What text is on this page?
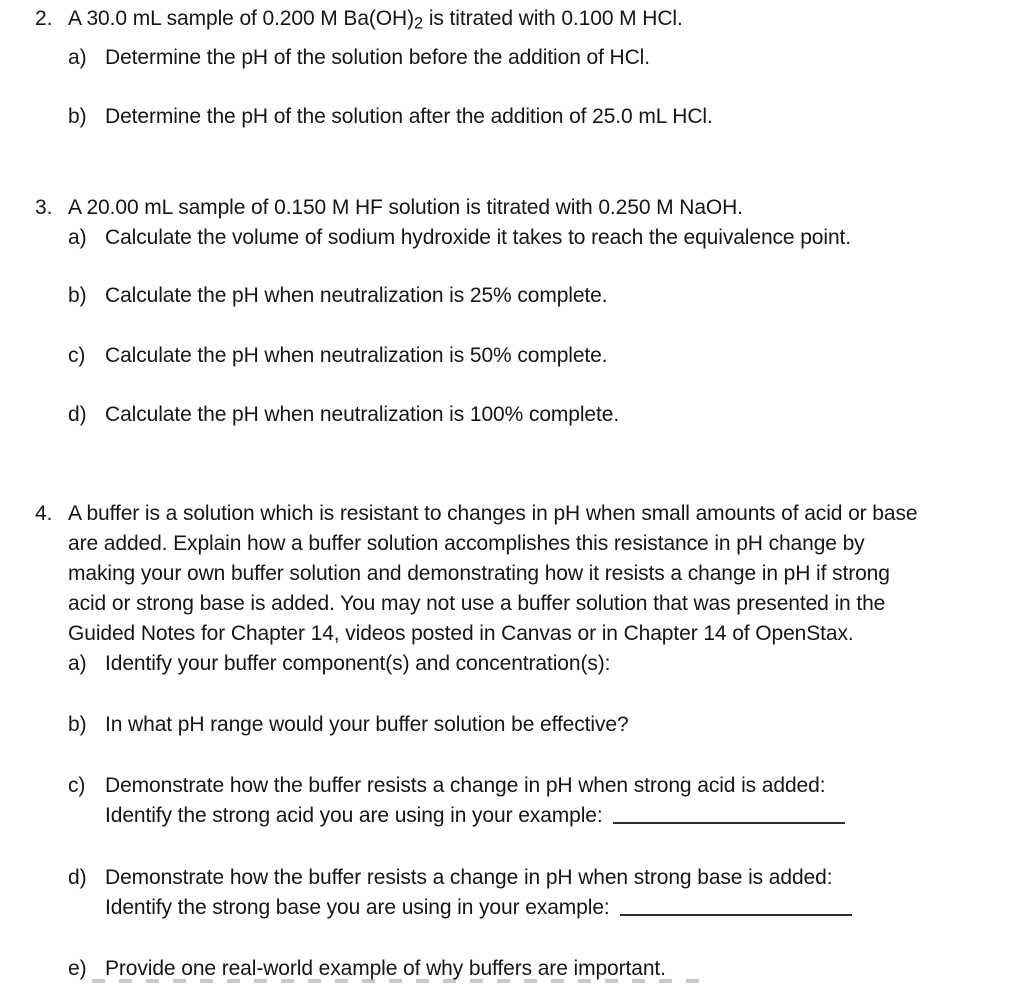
2. A 30.0 mL sample of 0.200 M Ba(OH)2 is titrated with 0.100 M HCl.
a) Determine the pH of the solution before the addition of HCl.
b) Determine the pH of the solution after the addition of 25.0 mL HCl.
3. A 20.00 mL sample of 0.150 M HF solution is titrated with 0.250 M NaOH.
a) Calculate the volume of sodium hydroxide it takes to reach the equivalence point.
b) Calculate the pH when neutralization is 25% complete.
c) Calculate the pH when neutralization is 50% complete.
d) Calculate the pH when neutralization is 100% complete.
4. A buffer is a solution which is resistant to changes in pH when small amounts of acid or base
are added. Explain how a buffer solution accomplishes this resistance in pH change by
making your own buffer solution and demonstrating how it resists a change in pH if strong
acid or strong base is added. You may not use a buffer solution that was presented in the
Guided Notes for Chapter 14, videos posted in Canvas or in Chapter 14 of OpenStax.
a) Identify your buffer component(s) and concentration(s):
b) In what pH range would your buffer solution be effective?
c) Demonstrate how the buffer resists a change in pH when strong acid is added:
Identify the strong acid you are using in your example:
d) Demonstrate how the buffer resists a change in pH when strong base is added:
Identify the strong base you are using in your example:
e) Provide one real-world example of why buffers are important.
